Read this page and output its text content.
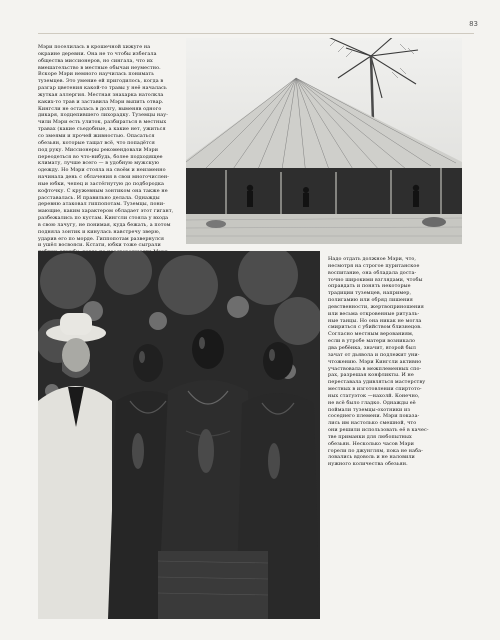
83

Мэри поселилась в крошечной хижуге на

окраине деревни. Она не то чтобы избегала

общества миссионеров, но сингала, что их

вмешательство в местные обычаи неуместно.

Вскоре Мэри немного научилась понимать

туземцев. Это умение ей пригодилось, когда в

разгар цветения какой-то травы у неё началась

жуткая аллергия. Местная знахарка натолкла

каких-то трав и заставила Мэри выпить отвар.

Кингсли не осталась в долгу, выменяв одного

дикаря, подцепившего лихорадку. Туземцы нау-

чили Мэри есть улиток, разбираться в местных

травах (какие съедобные, а какие нет, ужиться

со змеями и прочей живностью. Опасаться

обезьян, которые тащат всё, что попадётся

под руку. Миссионеры рекомендовали Мэри

переодеться во что-нибудь, более подходящее

климату, лучше всего — в удобную мужскую

одежду. Но Мэри стояла на своём и неизменно

начинала день с облачения в свои многочислен-

ные юбки, чепец и застёгнутую до подбородка

кофточку. С кружевным зонтиком она также не

расставалась. И правильно делала. Однажды

деревню атаковал гиппопотам. Туземцы, пони-

мающие, каким характером обладает этот гигант,

разбежались по кустам. Кингсли стояла у входа

в свою лачугу, не понимая, куда бежать, а потом

подняла зонтик и кинулась навстречу зверю,

ударив его по морде. Гиппопотам развернулся

и ушёл восвояси. Кстати, юбки тоже сыграли

Надо отдать должное Мэри, что,

несмотря на строгое пуританское

воспитание, она обладала доста-

точно широкими взглядами, чтобы

оправдать и понять некоторые

традиции туземцев, например,

полигамию или обряд лишения

девственности, жертвоприношения

или весьма откровенные ритуаль-

ные танцы. Но она никак не могла

смириться с убийством близнецов.

Согласно местным верованиям,

если в утробе матери возникало

два ребёнка, значит, второй был

зачат от дьявола и подлежит уни-

чтожению. Мэри Кингсли активно

участвовала в межплеменных спо-

рах, разрешая конфликты. И не

переставала удивляться мастерству

местных в изготовлении спиртото-

ных статуэток —нахолй. Конечно,

не всё было гладко. Однажды её

поймали туземцы-охотники из

соседнего племени. Мэри показа-

лись им настолько смешной, что

они решили использовать её в качес-

тве приманки для любопытных

обезьян. Несколько часов Мэри

горели по джунглям, пока не наба-

ловались вдоволь и не наловили

нужного количества обезьян.
